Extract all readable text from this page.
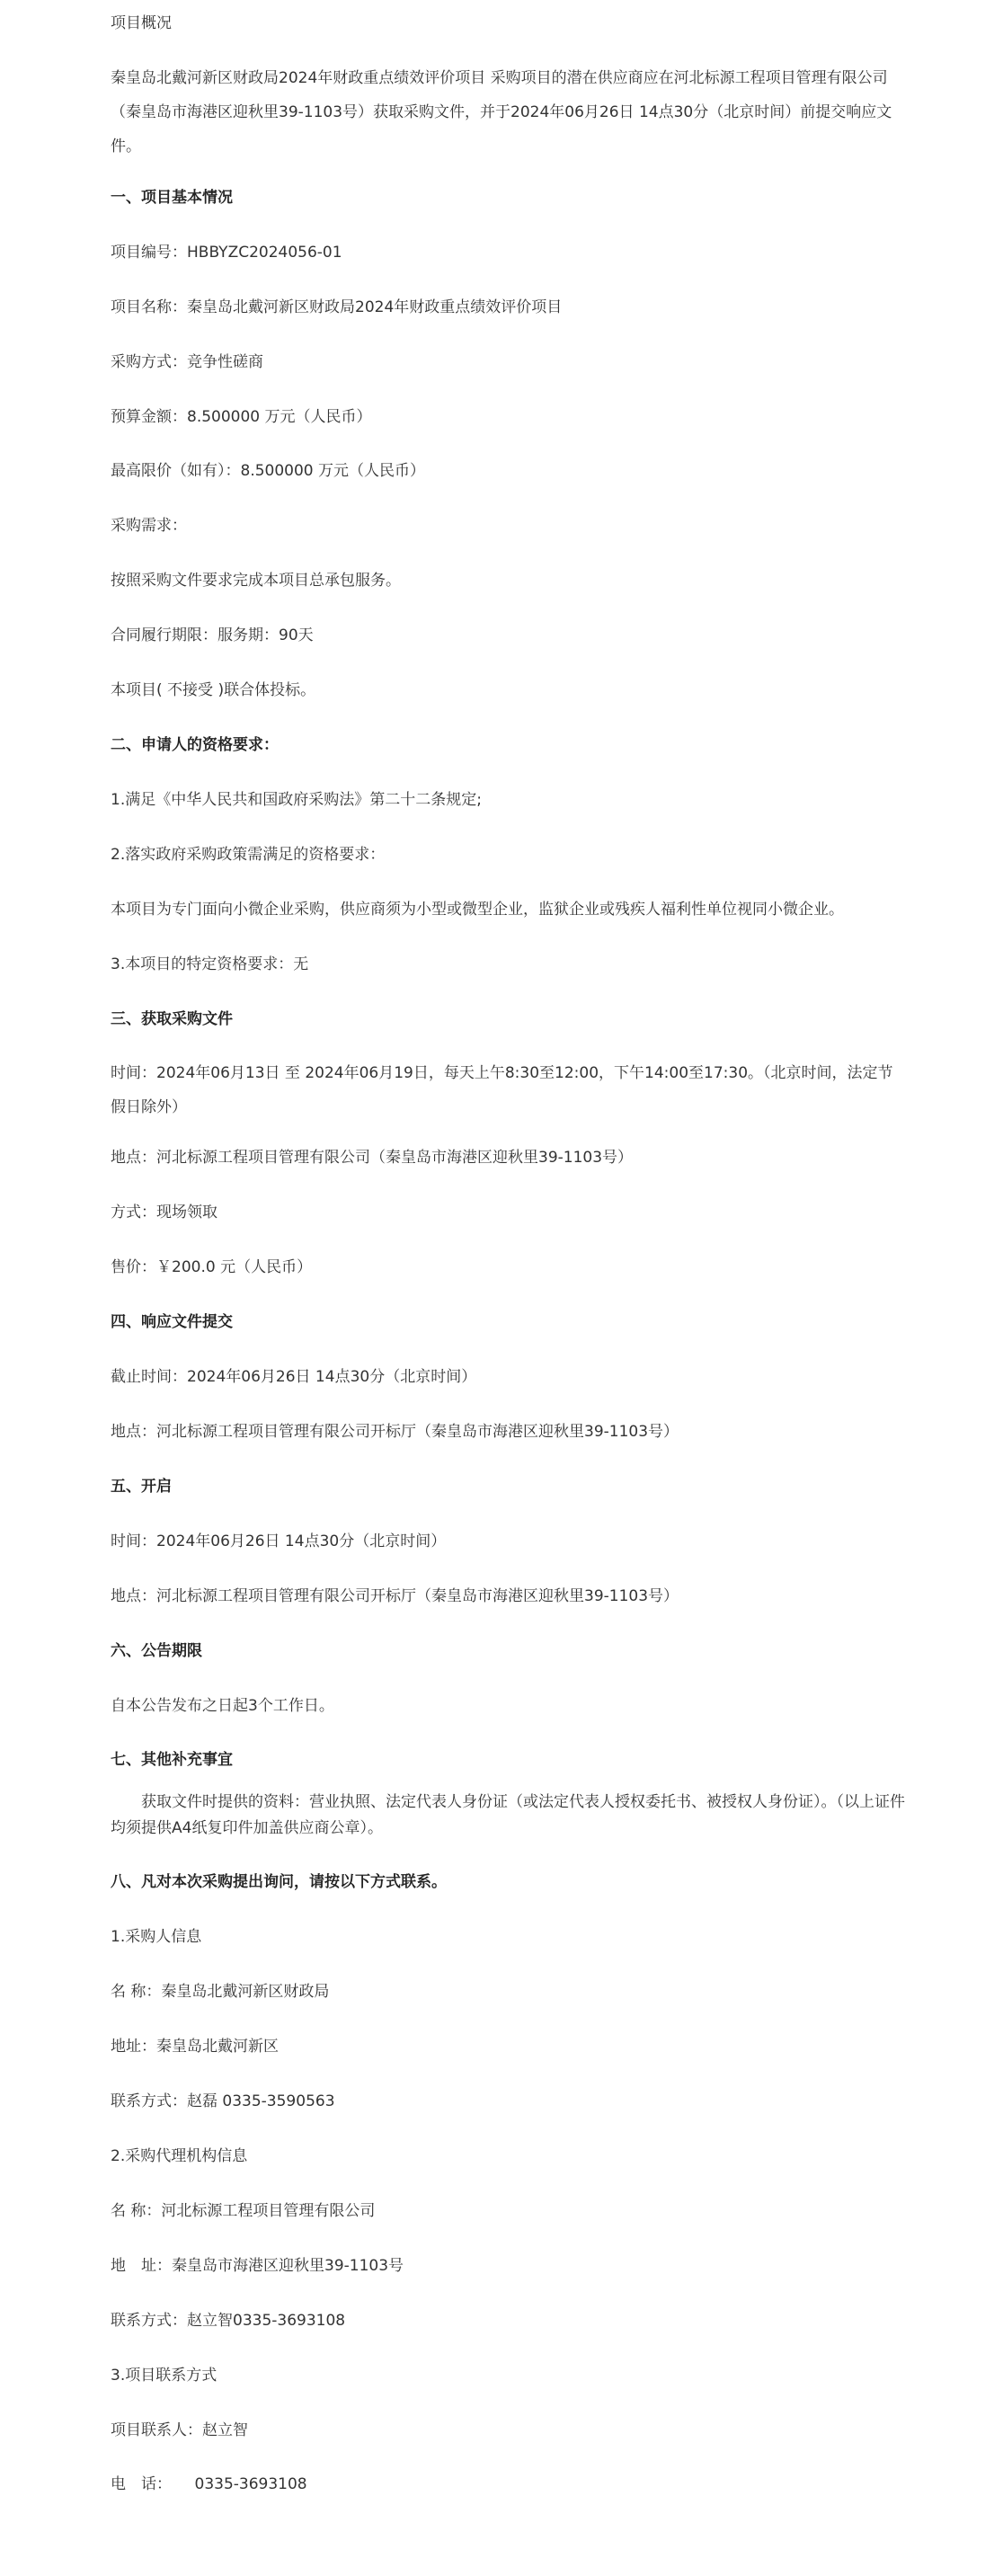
项目概况
秦皇岛北戴河新区财政局2024年财政重点绩效评价项目 采购项目的潜在供应商应在河北标源工程项目管理有限公司（秦皇岛市海港区迎秋里39-1103号）获取采购文件，并于2024年06月26日 14点30分（北京时间）前提交响应文件。
一、项目基本情况
项目编号：HBBYZC2024056-01
项目名称：秦皇岛北戴河新区财政局2024年财政重点绩效评价项目
采购方式：竞争性磋商
预算金额：8.500000 万元（人民币）
最高限价（如有）：8.500000 万元（人民币）
采购需求：
按照采购文件要求完成本项目总承包服务。
合同履行期限：服务期：90天
本项目( 不接受 )联合体投标。
二、申请人的资格要求：
1.满足《中华人民共和国政府采购法》第二十二条规定;
2.落实政府采购政策需满足的资格要求：
本项目为专门面向小微企业采购，供应商须为小型或微型企业，监狱企业或残疾人福利性单位视同小微企业。
3.本项目的特定资格要求：无
三、获取采购文件
时间：2024年06月13日 至 2024年06月19日，每天上午8:30至12:00，下午14:00至17:30。（北京时间，法定节假日除外）
地点：河北标源工程项目管理有限公司（秦皇岛市海港区迎秋里39-1103号）
方式：现场领取
售价：￥200.0 元（人民币）
四、响应文件提交
截止时间：2024年06月26日 14点30分（北京时间）
地点：河北标源工程项目管理有限公司开标厅（秦皇岛市海港区迎秋里39-1103号）
五、开启
时间：2024年06月26日 14点30分（北京时间）
地点：河北标源工程项目管理有限公司开标厅（秦皇岛市海港区迎秋里39-1103号）
六、公告期限
自本公告发布之日起3个工作日。
七、其他补充事宜
获取文件时提供的资料：营业执照、法定代表人身份证（或法定代表人授权委托书、被授权人身份证）。（以上证件均须提供A4纸复印件加盖供应商公章）。
八、凡对本次采购提出询问，请按以下方式联系。
1.采购人信息
名 称：秦皇岛北戴河新区财政局
地址：秦皇岛北戴河新区
联系方式：赵磊 0335-3590563
2.采购代理机构信息
名 称：河北标源工程项目管理有限公司
地　址：秦皇岛市海港区迎秋里39-1103号
联系方式：赵立智0335-3693108
3.项目联系方式
项目联系人：赵立智
电　话：　　0335-3693108
